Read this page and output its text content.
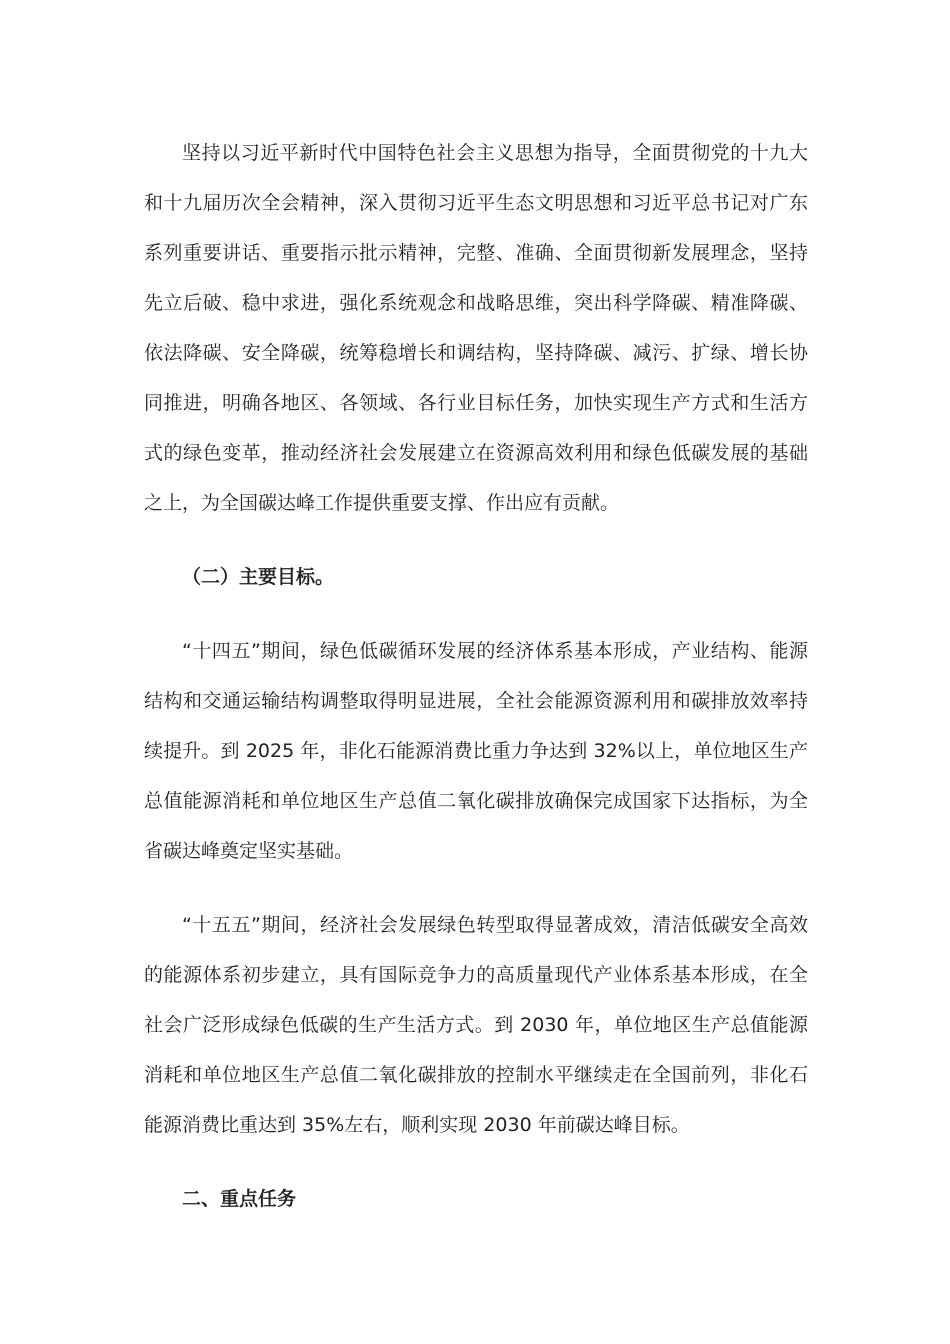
坚持以习近平新时代中国特色社会主义思想为指导，全面贯彻党的十九大和十九届历次全会精神，深入贯彻习近平生态文明思想和习近平总书记对广东系列重要讲话、重要指示批示精神，完整、准确、全面贯彻新发展理念，坚持先立后破、稳中求进，强化系统观念和战略思维，突出科学降碳、精准降碳、依法降碳、安全降碳，统筹稳增长和调结构，坚持降碳、减污、扩绿、增长协同推进，明确各地区、各领域、各行业目标任务，加快实现生产方式和生活方式的绿色变革，推动经济社会发展建立在资源高效利用和绿色低碳发展的基础之上，为全国碳达峰工作提供重要支撑、作出应有贡献。

（二）主要目标。

“十四五”期间，绿色低碳循环发展的经济体系基本形成，产业结构、能源结构和交通运输结构调整取得明显进展，全社会能源资源利用和碳排放效率持续提升。到 2025 年，非化石能源消费比重力争达到 32%以上，单位地区生产总值能源消耗和单位地区生产总值二氧化碳排放确保完成国家下达指标，为全省碳达峰奠定坚实基础。

“十五五”期间，经济社会发展绿色转型取得显著成效，清洁低碳安全高效的能源体系初步建立，具有国际竞争力的高质量现代产业体系基本形成，在全社会广泛形成绿色低碳的生产生活方式。到 2030 年，单位地区生产总值能源消耗和单位地区生产总值二氧化碳排放的控制水平继续走在全国前列，非化石能源消费比重达到 35%左右，顺利实现 2030 年前碳达峰目标。

二、重点任务
